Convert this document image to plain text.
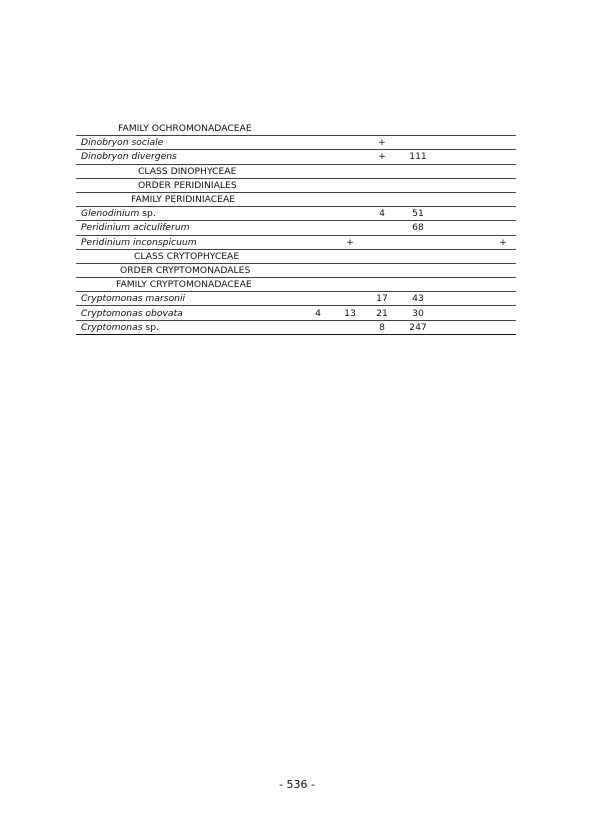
FAMILY OCHROMONADACEAE							
Dinobryon sociale			+				
Dinobryon divergens			+	111			
CLASS DINOPHYCEAE							
ORDER PERIDINIALES							
FAMILY PERIDINIACEAE							
Glenodinium sp.			4	51			
Peridinium aciculiferum				68			
Peridinium inconspicuum		+					+
CLASS CRYTOPHYCEAE							
ORDER CRYPTOMONADALES							
FAMILY CRYPTOMONADACEAE							
Cryptomonas marsonii			17	43			
Cryptomonas obovata	4	13	21	30			
Cryptomonas sp.			8	247			
- 536 -
